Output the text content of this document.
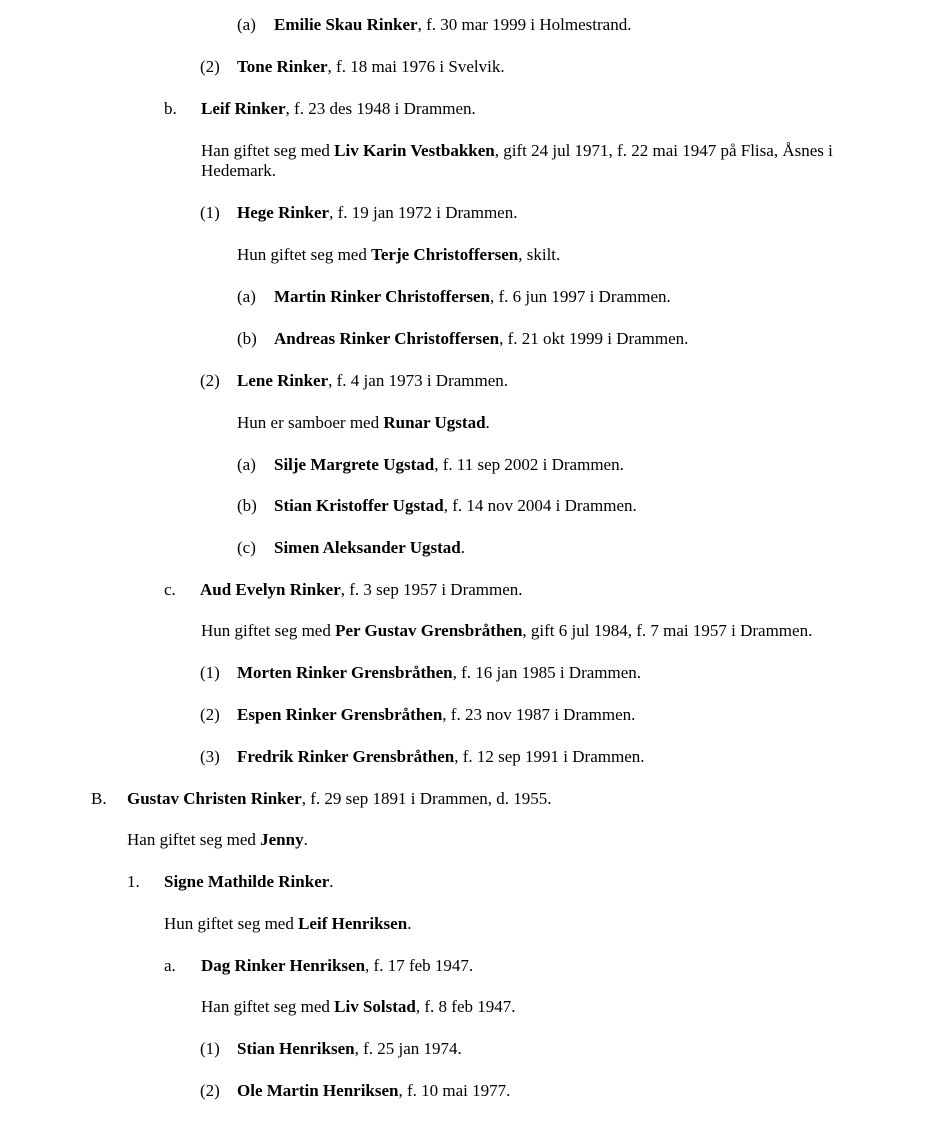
(a) Emilie Skau Rinker, f. 30 mar 1999 i Holmestrand.
(2) Tone Rinker, f. 18 mai 1976 i Svelvik.
b. Leif Rinker, f. 23 des 1948 i Drammen.
Han giftet seg med Liv Karin Vestbakken, gift 24 jul 1971, f. 22 mai 1947 på Flisa, Åsnes i Hedemark.
(1) Hege Rinker, f. 19 jan 1972 i Drammen.
Hun giftet seg med Terje Christoffersen, skilt.
(a) Martin Rinker Christoffersen, f. 6 jun 1997 i Drammen.
(b) Andreas Rinker Christoffersen, f. 21 okt 1999 i Drammen.
(2) Lene Rinker, f. 4 jan 1973 i Drammen.
Hun er samboer med Runar Ugstad.
(a) Silje Margrete Ugstad, f. 11 sep 2002 i Drammen.
(b) Stian Kristoffer Ugstad, f. 14 nov 2004 i Drammen.
(c) Simen Aleksander Ugstad.
c. Aud Evelyn Rinker, f. 3 sep 1957 i Drammen.
Hun giftet seg med Per Gustav Grensbråthen, gift 6 jul 1984, f. 7 mai 1957 i Drammen.
(1) Morten Rinker Grensbråthen, f. 16 jan 1985 i Drammen.
(2) Espen Rinker Grensbråthen, f. 23 nov 1987 i Drammen.
(3) Fredrik Rinker Grensbråthen, f. 12 sep 1991 i Drammen.
B. Gustav Christen Rinker, f. 29 sep 1891 i Drammen, d. 1955.
Han giftet seg med Jenny.
1. Signe Mathilde Rinker.
Hun giftet seg med Leif Henriksen.
a. Dag Rinker Henriksen, f. 17 feb 1947.
Han giftet seg med Liv Solstad, f. 8 feb 1947.
(1) Stian Henriksen, f. 25 jan 1974.
(2) Ole Martin Henriksen, f. 10 mai 1977.
